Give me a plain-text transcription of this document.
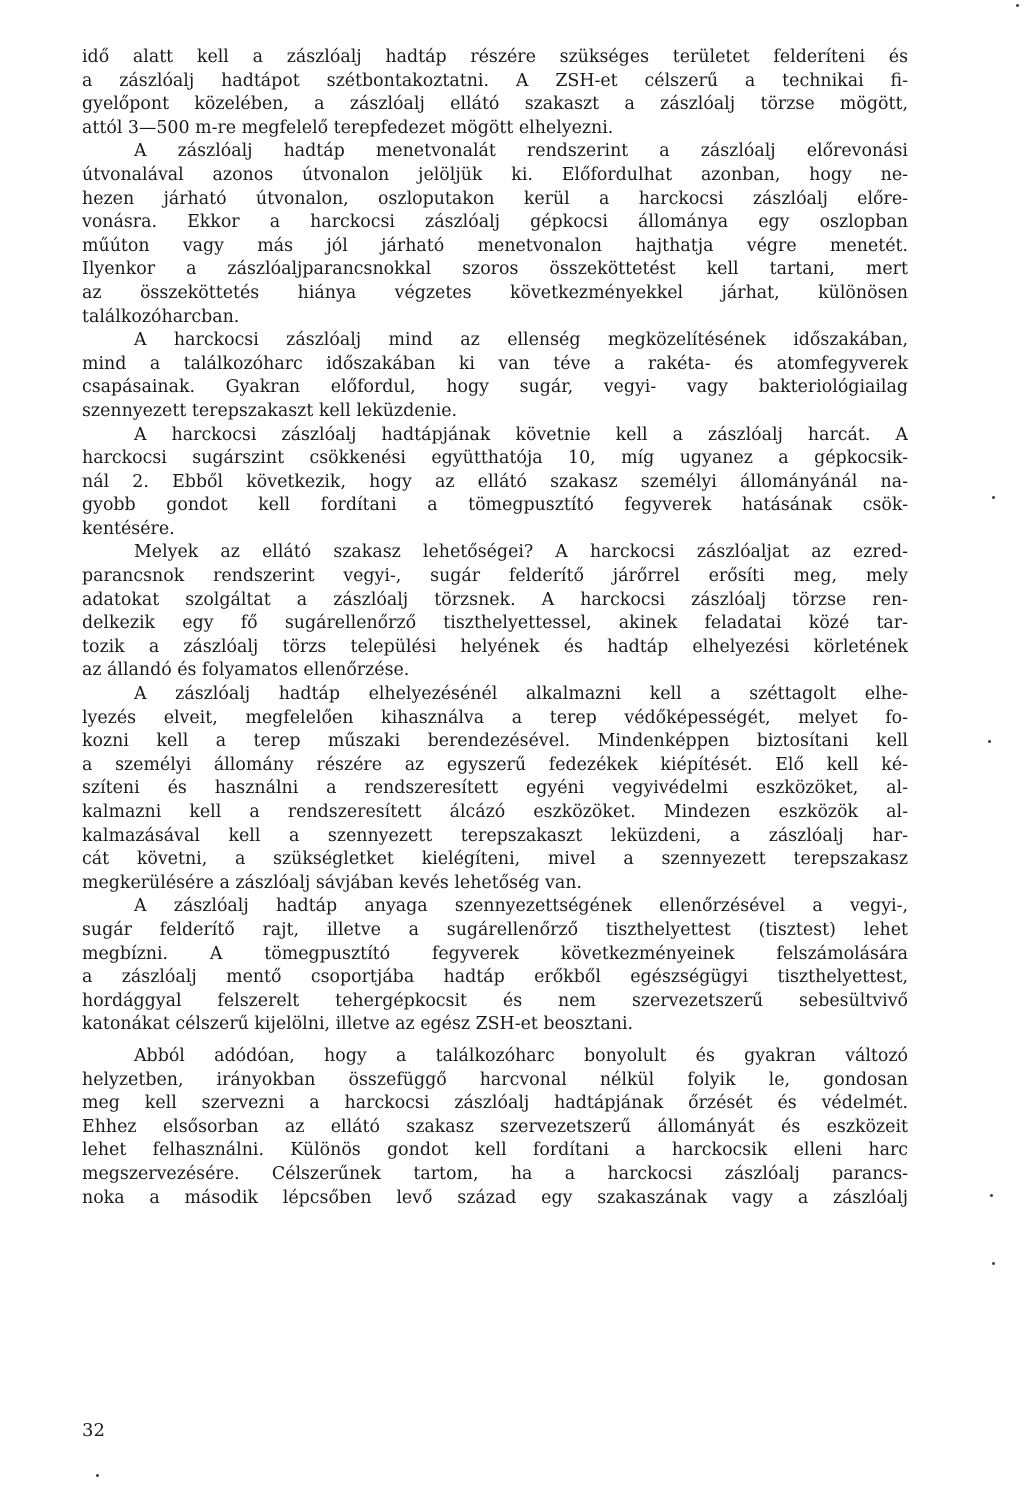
idő alatt kell a zászlóalj hadtáp részére szükséges területet felderíteni és
a zászlóalj hadtápot szétbontakoztatni. A ZSH-et célszerű a technikai fi-
gyelőpont közelében, a zászlóalj ellátó szakaszt a zászlóalj törzse mögött,
attól 3—500 m-re megfelelő terepfedezet mögött elhelyezni.
A zászlóalj hadtáp menetvonalát rendszerint a zászlóalj előrevonási
útvonalával azonos útvonalon jelöljük ki. Előfordulhat azonban, hogy ne-
hezen járható útvonalon, oszloputakon kerül a harckocsi zászlóalj előre-
vonásra. Ekkor a harckocsi zászlóalj gépkocsi állománya egy oszlopban
műúton vagy más jól járható menetvonalon hajthatja végre menetét.
Ilyenkor a zászlóaljparancsnokkal szoros összeköttetést kell tartani, mert
az összeköttetés hiánya végzetes következményekkel járhat, különösen
találkozóharcban.
A harckocsi zászlóalj mind az ellenség megközelítésének időszakában,
mind a találkozóharc időszakában ki van téve a rakéta- és atomfegyverek
csapásainak. Gyakran előfordul, hogy sugár, vegyi- vagy bakteriológiailag
szennyezett terepszakaszt kell leküzdenie.
A harckocsi zászlóalj hadtápjának követnie kell a zászlóalj harcát. A
harckocsi sugárszint csökkenési együtthatója 10, míg ugyanez a gépkocsik-
nál 2. Ebből következik, hogy az ellátó szakasz személyi állományánál na-
gyobb gondot kell fordítani a tömegpusztító fegyverek hatásának csök-
kentésére.
Melyek az ellátó szakasz lehetőségei? A harckocsi zászlóaljat az ezred-
parancsnok rendszerint vegyi-, sugár felderítő járőrrel erősíti meg, mely
adatokat szolgáltat a zászlóalj törzsnek. A harckocsi zászlóalj törzse ren-
delkezik egy fő sugárellenőrző tiszthelyettessel, akinek feladatai közé tar-
tozik a zászlóalj törzs települési helyének és hadtáp elhelyezési körletének
az állandó és folyamatos ellenőrzése.
A zászlóalj hadtáp elhelyezésénél alkalmazni kell a széttagolt elhe-
lyezés elveit, megfelelően kihasználva a terep védőképességét, melyet fo-
kozni kell a terep műszaki berendezésével. Mindenképpen biztosítani kell
a személyi állomány részére az egyszerű fedezékek kiépítését. Elő kell ké-
szíteni és használni a rendszeresített egyéni vegyivédelmi eszközöket, al-
kalmazni kell a rendszeresített álcázó eszközöket. Mindezen eszközök al-
kalmazásával kell a szennyezett terepszakaszt leküzdeni, a zászlóalj har-
cát követni, a szükségletket kielégíteni, mivel a szennyezett terepszakasz
megkerülésére a zászlóalj sávjában kevés lehetőség van.
A zászlóalj hadtáp anyaga szennyezettségének ellenőrzésével a vegyi-,
sugár felderítő rajt, illetve a sugárellenőrző tiszthelyettest (tisztest) lehet
megbízni. A tömegpusztító fegyverek következményeinek felszámolására
a zászlóalj mentő csoportjába hadtáp erőkből egészségügyi tiszthelyettest,
hordággyal felszerelt tehergépkocsit és nem szervezetszerű sebesültvivő
katonákat célszerű kijelölni, illetve az egész ZSH-et beosztani.
Abból adódóan, hogy a találkozóharc bonyolult és gyakran változó
helyzetben, irányokban összefüggő harcvonal nélkül folyik le, gondosan
meg kell szervezni a harckocsi zászlóalj hadtápjának őrzését és védelmét.
Ehhez elsősorban az ellátó szakasz szervezetszerű állományát és eszközeit
lehet felhasználni. Különös gondot kell fordítani a harckocsik elleni harc
megszervezésére. Célszerűnek tartom, ha a harckocsi zászlóalj parancs-
noka a második lépcsőben levő század egy szakaszának vagy a zászlóalj
32
